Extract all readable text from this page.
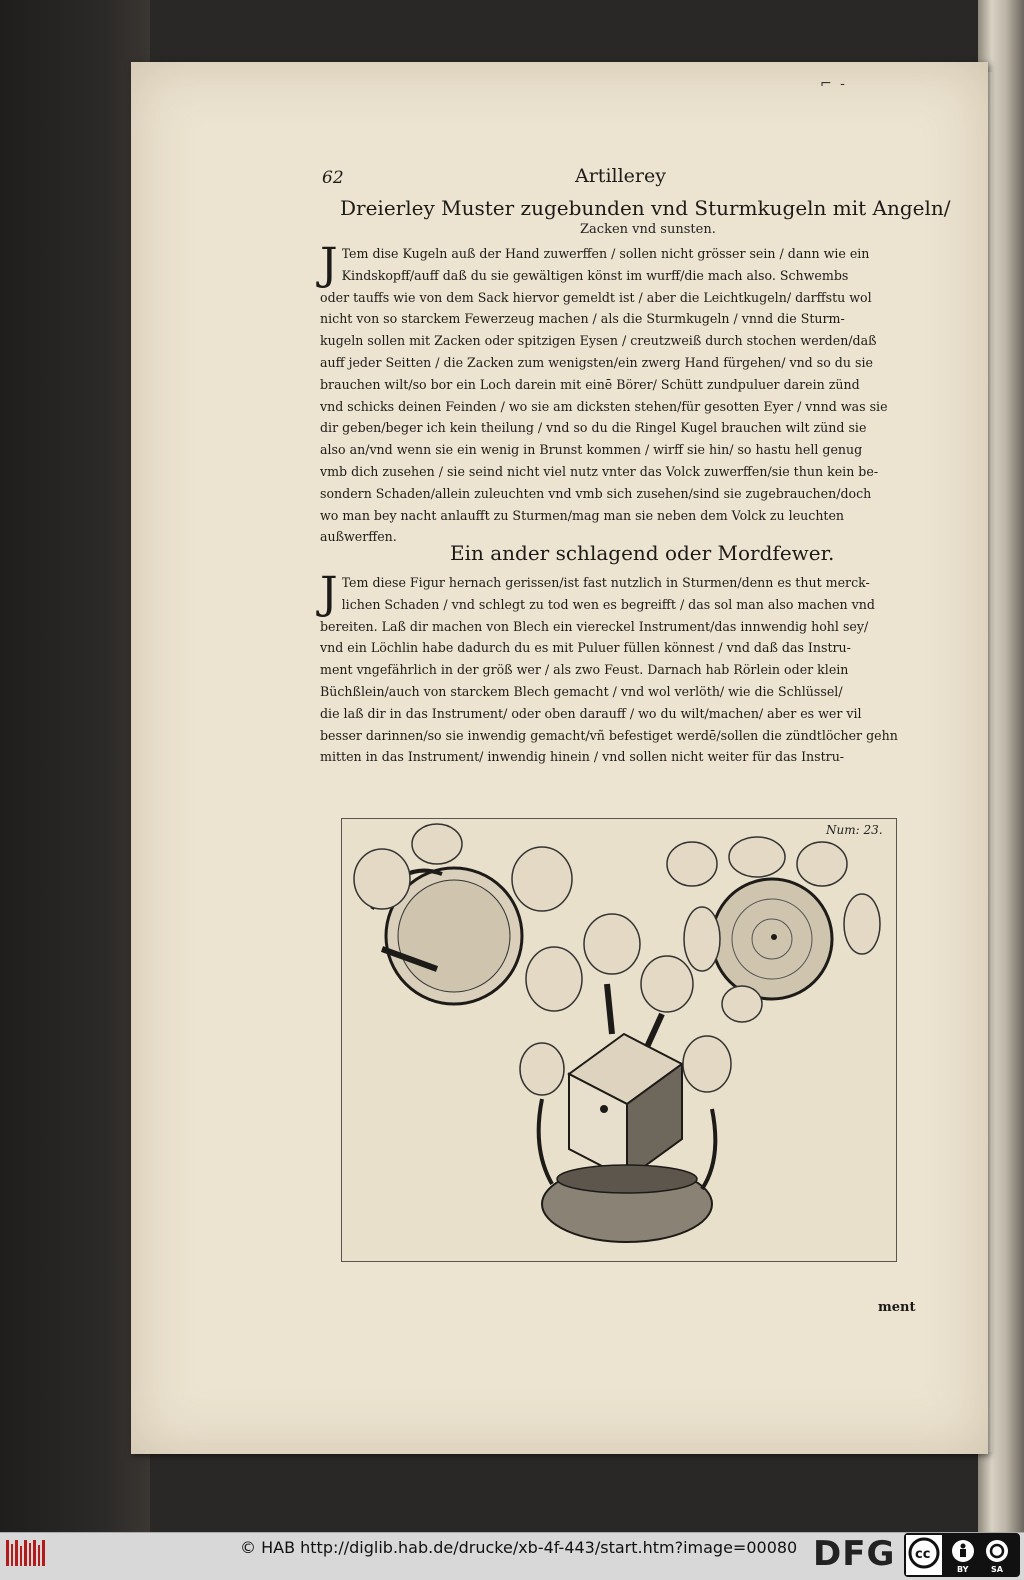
⌐ -
62	Artillerey
Dreierley Muster zugebunden vnd Sturmkugeln mit Angeln/
Zacken vnd sunsten.
J Tem dise Kugeln auß der Hand zuwerffen / sollen nicht grösser sein / dann wie ein
Kindskopff/auff daß du sie gewältigen könst im wurff/die mach also. Schwembs
oder tauffs wie von dem Sack hiervor gemeldt ist / aber die Leichtkugeln/ darffstu wol
nicht von so starckem Fewerzeug machen / als die Sturmkugeln / vnnd die Sturm-
kugeln sollen mit Zacken oder spitzigen Eysen / creutzweiß durch stochen werden/daß
auff jeder Seitten / die Zacken zum wenigsten/ein zwerg Hand fürgehen/ vnd so du sie
brauchen wilt/so bor ein Loch darein mit einē Börer/ Schütt zundpuluer darein zünd
vnd schicks deinen Feinden / wo sie am dicksten stehen/für gesotten Eyer / vnnd was sie
dir geben/beger ich kein theilung / vnd so du die Ringel Kugel brauchen wilt zünd sie
also an/vnd wenn sie ein wenig in Brunst kommen / wirff sie hin/ so hastu hell genug
vmb dich zusehen / sie seind nicht viel nutz vnter das Volck zuwerffen/sie thun kein be-
sondern Schaden/allein zuleuchten vnd vmb sich zusehen/sind sie zugebrauchen/doch
wo man bey nacht anlaufft zu Sturmen/mag man sie neben dem Volck zu leuchten
außwerffen.
Ein ander schlagend oder Mordfewer.
J Tem diese Figur hernach gerissen/ist fast nutzlich in Sturmen/denn es thut merck-
lichen Schaden / vnd schlegt zu tod wen es begreifft / das sol man also machen vnd
bereiten. Laß dir machen von Blech ein viereckel Instrument/das innwendig hohl sey/
vnd ein Löchlin habe dadurch du es mit Puluer füllen könnest / vnd daß das Instru-
ment vngefährlich in der größ wer / als zwo Feust. Darnach hab Rörlein oder klein
Büchßlein/auch von starckem Blech gemacht / vnd wol verlöth/ wie die Schlüssel/
die laß dir in das Instrument/ oder oben darauff / wo du wilt/machen/ aber es wer vil
besser darinnen/so sie inwendig gemacht/vñ befestiget werdē/sollen die zündtlöcher gehn
mitten in das Instrument/ inwendig hinein / vnd sollen nicht weiter für das Instru-
Num: 23.
ment
© HAB http://diglib.hab.de/drucke/xb-4f-443/start.htm?image=00080 DFG cc
BY	SA
